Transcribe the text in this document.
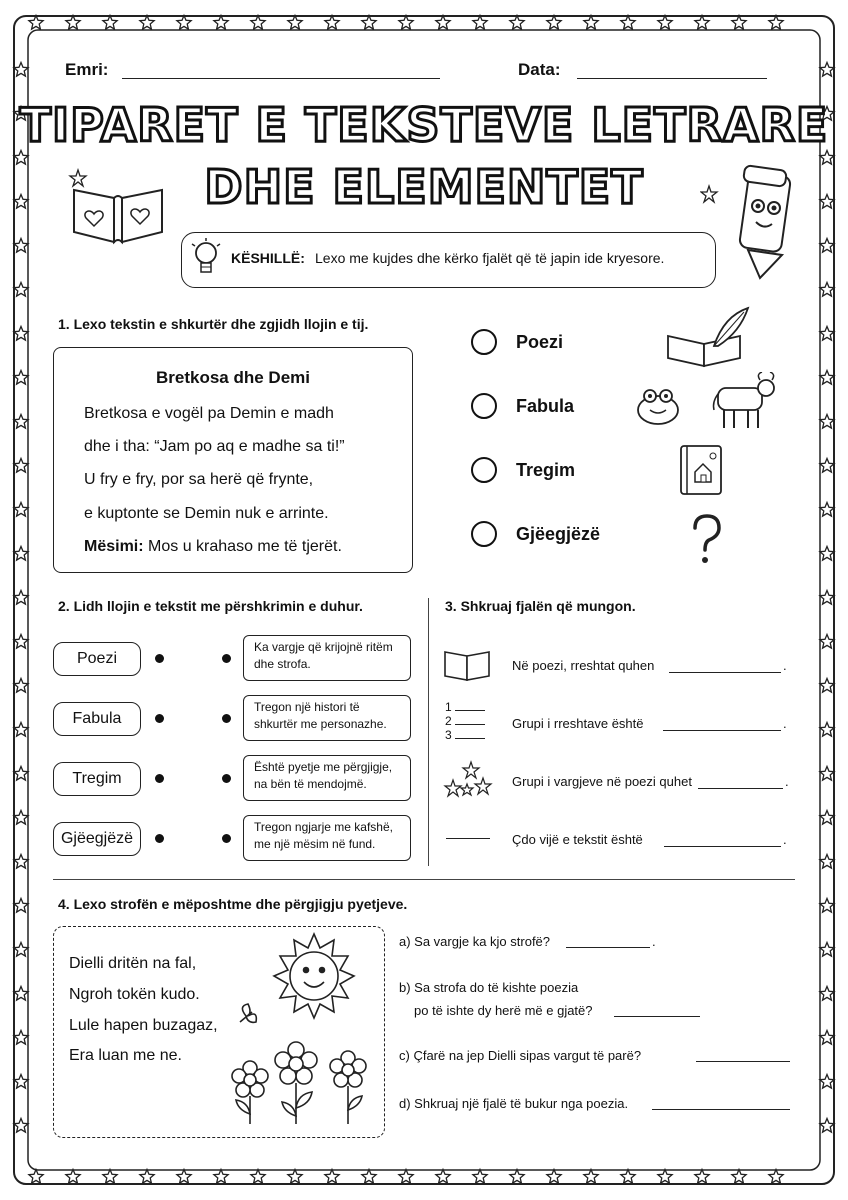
Emri:	Data:
TIPARET E TEKSTEVE LETRARE
DHE ELEMENTET
KËSHILLË: Lexo me kujdes dhe kërko fjalët që të japin ide kryesore.
1. Lexo tekstin e shkurtër dhe zgjidh llojin e tij.
Bretkosa dhe Demi
Bretkosa e vogël pa Demin e madh
dhe i tha: “Jam po aq e madhe sa ti!”
U fry e fry, por sa herë që frynte,
e kuptonte se Demin nuk e arrinte.
Mësimi: Mos u krahaso me të tjerët.
Poezi
Fabula
Tregim
Gjëegjëzë
2. Lidh llojin e tekstit me përshkrimin e duhur.
Poezi
Ka vargje që krijojnë ritëm
dhe strofa.
Fabula
Tregon një histori të
shkurtër me personazhe.
Tregim
Është pyetje me përgjigje,
na bën të mendojmë.
Gjëegjëzë
Tregon ngjarje me kafshë,
me një mësim në fund.
3. Shkruaj fjalën që mungon.
Në poezi, rreshtat quhen	.
1
2
3
Grupi i rreshtave është	.
Grupi i vargjeve në poezi quhet	.
Çdo vijë e tekstit është	.
4. Lexo strofën e mëposhtme dhe përgjigju pyetjeve.
Dielli dritën na fal,
Ngroh tokën kudo.
Lule hapen buzagaz,
Era luan me ne.
a) Sa vargje ka kjo strofë?	.
b) Sa strofa do të kishte poezia
po të ishte dy herë më e gjatë?
c) Çfarë na jep Dielli sipas vargut të parë?
d) Shkruaj një fjalë të bukur nga poezia.
